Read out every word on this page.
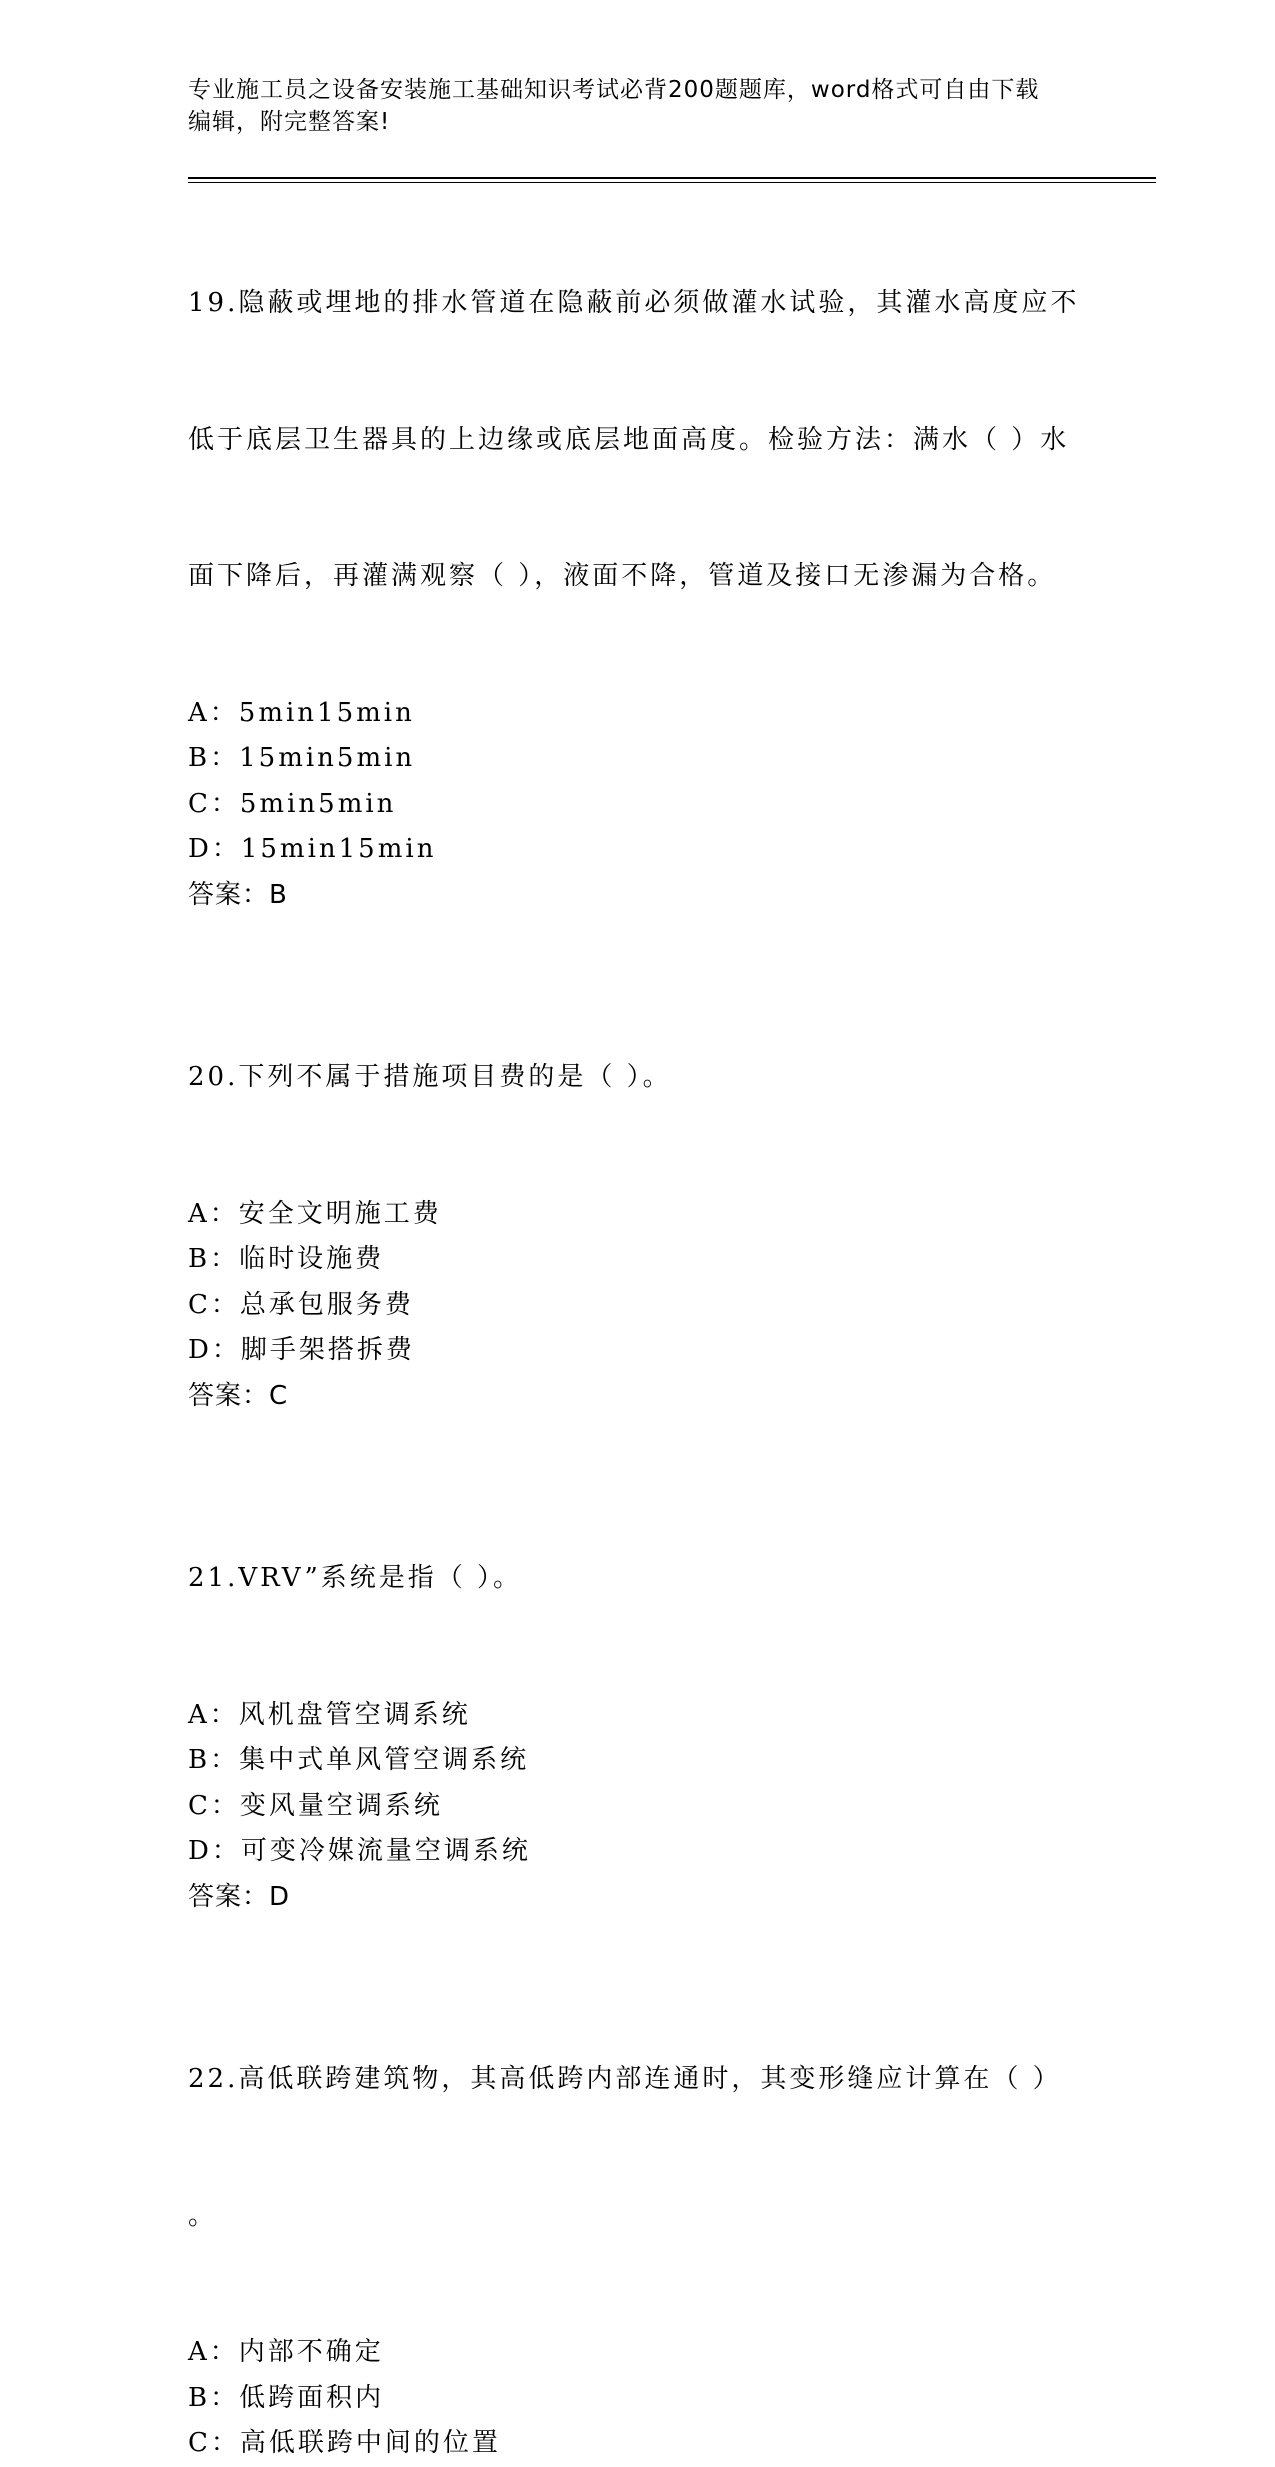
专业施工员之设备安装施工基础知识考试必背200题题库，word格式可自由下载
编辑，附完整答案!

19.隐蔽或埋地的排水管道在隐蔽前必须做灌水试验，其灌水高度应不

低于底层卫生器具的上边缘或底层地面高度。检验方法：满水（ ）水

面下降后，再灌满观察（ ），液面不降，管道及接口无渗漏为合格。

A：5min15min
B：15min5min
C：5min5min
D：15min15min
答案：B

20.下列不属于措施项目费的是（ ）。

A：安全文明施工费
B：临时设施费
C：总承包服务费
D：脚手架搭拆费
答案：C

21.VRV”系统是指（ ）。

A：风机盘管空调系统
B：集中式单风管空调系统
C：变风量空调系统
D：可变冷媒流量空调系统
答案：D

22.高低联跨建筑物，其高低跨内部连通时，其变形缝应计算在（ ）

。

A：内部不确定
B：低跨面积内
C：高低联跨中间的位置
